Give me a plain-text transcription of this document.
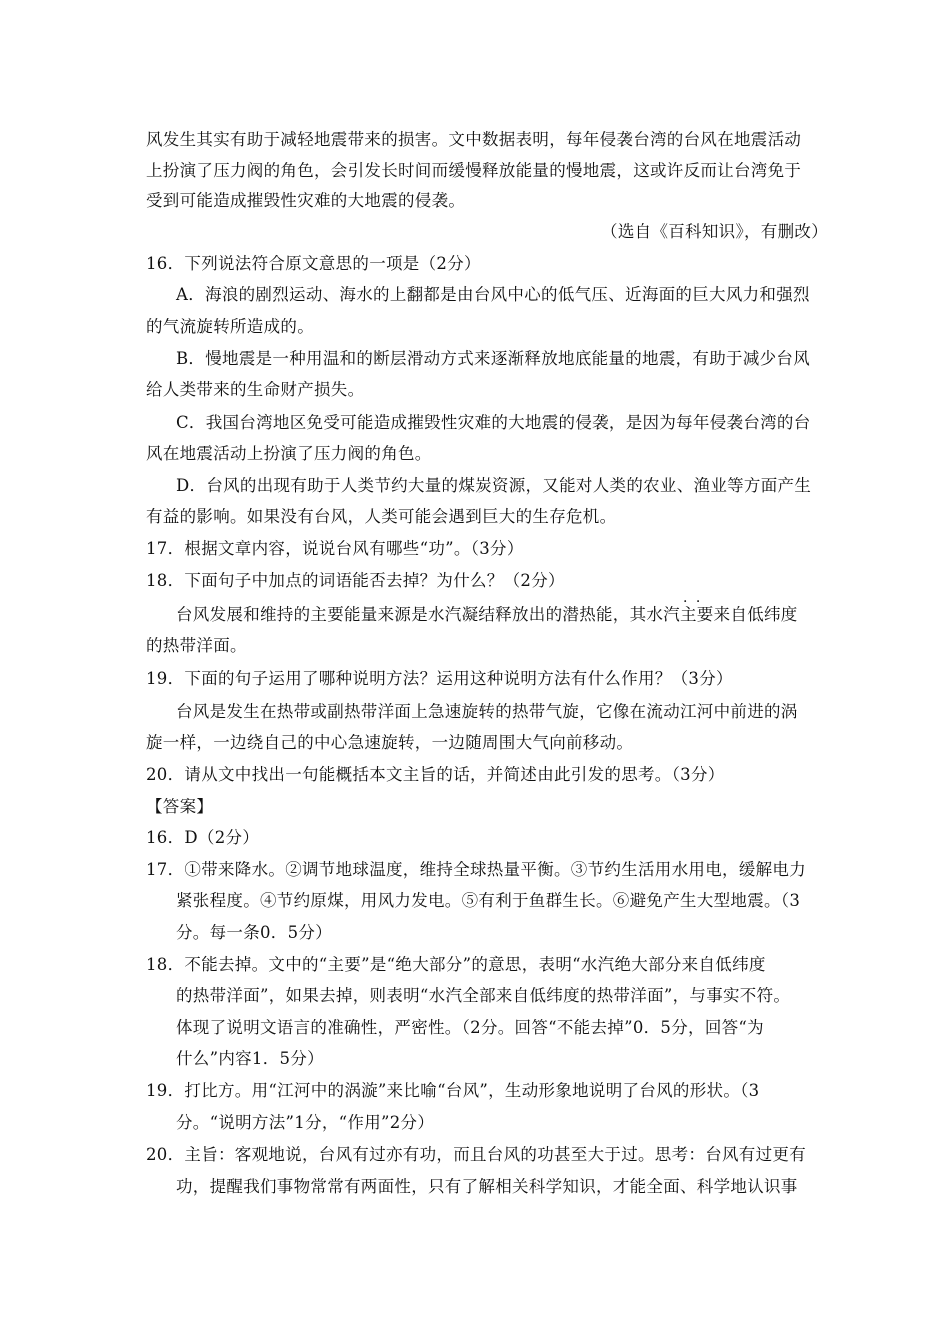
风发生其实有助于减轻地震带来的损害。文中数据表明，每年侵袭台湾的台风在地震活动
上扮演了压力阀的角色，会引发长时间而缓慢释放能量的慢地震，这或许反而让台湾免于
受到可能造成摧毁性灾难的大地震的侵袭。
（选自《百科知识》，有删改）
16．下列说法符合原文意思的一项是（2分）
A．海浪的剧烈运动、海水的上翻都是由台风中心的低气压、近海面的巨大风力和强烈
的气流旋转所造成的。
B．慢地震是一种用温和的断层滑动方式来逐渐释放地底能量的地震，有助于减少台风
给人类带来的生命财产损失。
C．我国台湾地区免受可能造成摧毁性灾难的大地震的侵袭，是因为每年侵袭台湾的台
风在地震活动上扮演了压力阀的角色。
D．台风的出现有助于人类节约大量的煤炭资源，又能对人类的农业、渔业等方面产生
有益的影响。如果没有台风，人类可能会遇到巨大的生存危机。
17．根据文章内容，说说台风有哪些“功”。（3分）
18．下面句子中加点的词语能否去掉？为什么？（2分）
台风发展和维持的主要能量来源是水汽凝结释放出的潜热能，其水汽· · 主要来自低纬度
的热带洋面。
19．下面的句子运用了哪种说明方法？运用这种说明方法有什么作用？（3分）
台风是发生在热带或副热带洋面上急速旋转的热带气旋，它像在流动江河中前进的涡
旋一样，一边绕自己的中心急速旋转，一边随周围大气向前移动。
20．请从文中找出一句能概括本文主旨的话，并简述由此引发的思考。（3分）
【答案】
16．D（2分）
17．①带来降水。②调节地球温度，维持全球热量平衡。③节约生活用水用电，缓解电力
紧张程度。④节约原煤，用风力发电。⑤有利于鱼群生长。⑥避免产生大型地震。（3
分。每一条0．5分）
18．不能去掉。文中的“主要”是“绝大部分”的意思，表明“水汽绝大部分来自低纬度
的热带洋面”，如果去掉，则表明“水汽全部来自低纬度的热带洋面”，与事实不符。
体现了说明文语言的准确性，严密性。（2分。回答“不能去掉”0．5分，回答“为
什么”内容1．5分）
19．打比方。用“江河中的涡漩”来比喻“台风”，生动形象地说明了台风的形状。（3
分。“说明方法”1分，“作用”2分）
20．主旨：客观地说，台风有过亦有功，而且台风的功甚至大于过。思考：台风有过更有
功，提醒我们事物常常有两面性，只有了解相关科学知识，才能全面、科学地认识事
